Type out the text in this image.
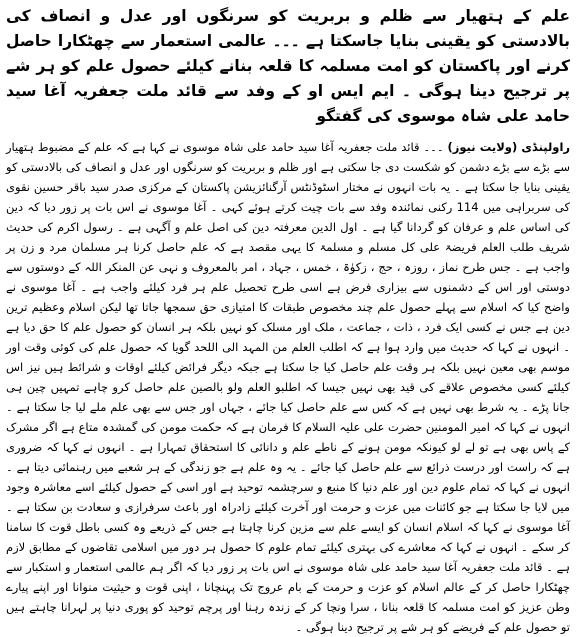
علم کے ہتھیار سے ظلم و بربریت کو سرنگوں اور عدل و انصاف کی بالادستی کو یقینی بنایا جاسکتا ہے ۔۔۔ عالمی استعمار سے چھٹکارا حاصل کرنے اور پاکستان کو امت مسلمہ کا قلعہ بنانے کیلئے حصول علم کو ہر شے پر ترجیح دینا ہوگی ۔ ایم ایس او کے وفد سے قائد ملت جعفریہ آغا سید حامد علی شاہ موسوی کی گفتگو
راولپنڈی (ولایت نیوز) ۔۔۔ قائد ملت جعفریہ آغا سید حامد علی شاہ موسوی نے کہا ہے کہ علم کے مضبوط ہتھیار سے بڑے سے بڑے دشمن کو شکست دی جا سکتی ہے اور ظلم و بربریت کو سرنگوں اور عدل و انصاف کی بالادستی کو یقینی بنایا جا سکتا ہے ۔ یہ بات انہوں نے مختار اسٹوڈنٹس آرگنائزیشن پاکستان کے مرکزی صدر سید باقر حسین نقوی کی سربراہی میں 114 رکنی نمائندہ وفد سے بات چیت کرتے ہوئے کہی ۔ آغا موسوی نے اس بات پر زور دیا کہ دین کی اساس علم و عرفان کو گردانا گیا ہے ۔ اول الدین معرفتہ دین کی اصل علم و آگہی ہے ۔ رسول اکرم کی حدیث شریف طلب العلم فریضۃ علی کل مسلم و مسلمۃ کا یہی مقصد ہے کہ علم حاصل کرنا ہر مسلمان مرد و زن پر واجب ہے ۔ جس طرح نماز ، روزہ ، حج ، زکوٰۃ ، خمس ، جہاد ، امر بالمعروف و نہی عن المنکر اللہ کے دوستوں سے دوستی اور اس کے دشمنوں سے بیزاری فرض ہے اسی طرح تحصیل علم ہر فرد کیلئے واجب ہے ۔ آغا موسوی نے واضح کیا کہ اسلام سے پہلے حصول علم چند مخصوص طبقات کا امتیازی حق سمجھا جاتا تھا لیکن اسلام وعظیم ترین دین ہے جس نے کسی ایک فرد ، ذات ، جماعت ، ملک اور مسلک کو نہیں بلکہ ہر انسان کو حصول علم کا حق دیا ہے ۔ انہوں نے کہا کہ حدیث میں وارد ہوا ہے کہ اطلب العلم من المہد الی اللحد گویا کہ حصول علم کی کوئی وقت اور موسم بھی معین نہیں بلکہ ہر وقت علم حاصل کیا جا سکتا ہے جبکہ دیگر فرائض کیلئے اوقات و شرائط ہیں نیز اس کیلئے کسی مخصوص علاقے کی قید بھی نہیں جیسا کہ اطلبو العلم ولو بالصین علم حاصل کرو چاہے تمہیں چین ہی جانا پڑے ۔ یہ شرط بھی نہیں ہے کہ کس سے علم حاصل کیا جائے ، جہاں اور جس سے بھی علم ملے لیا جا سکتا ہے ۔ انہوں نے کہا کہ امیر المومنین حضرت علی علیہ السلام کا فرمان ہے کہ حکمت مومن کی گمشدہ متاع ہے اگر مشرک کے پاس بھی ہے تو لے لو کیونکہ مومن ہونے کے ناطے علم و دانائی کا استحقاق تمہارا ہے ۔ انہوں نے کہا کہ ضروری ہے کہ راست اور درست ذرائع سے علم حاصل کیا جائے ۔ یہ وہ علم ہے جو زندگی کے ہر شعبے میں رہنمائی دیتا ہے ۔ انہوں نے کہا کہ تمام علوم دین اور علم دنیا کا منبع و سرچشمہ توحید ہے اور اسی کے حصول کیلئے اسے معاشرہ وجود میں لایا جا سکتا ہے جو کائنات میں عزت و حرمت اور آخرت کیلئے زادراہ اور باعث سرفرازی و سعادت بن سکتا ہے ۔ آغا موسوی نے کہا کہ اسلام انسان کو ایسے علم سے مزین کرنا چاہتا ہے جس کے ذریعے وہ کسی باطل قوت کا سامنا کر سکے ۔ انہوں نے کہا کہ معاشرے کی بہتری کیلئے تمام علوم کا حصول ہر دور میں اسلامی تقاضوں کے مطابق لازم ہے ۔ قائد ملت جعفریہ آغا سید حامد علی شاہ موسوی نے اس بات پر زور دیا کہ اگر ہم عالمی استعمار و استکبار سے چھٹکارا حاصل کر کے عالم اسلام کو عزت و حرمت کے بام عروج تک پہنچانا ، اپنی قوت و حیثیت منوانا اور اپنے پیارے وطن عزیز کو امت مسلمہ کا قلعہ بنانا ، سرا ونچا کر کے زندہ رہنا اور پرچم توحید کو پوری دنیا پر لہرانا چاہتے ہیں تو حصول علم کے فریضے کو ہر شے پر ترجیح دینا ہوگی ۔
